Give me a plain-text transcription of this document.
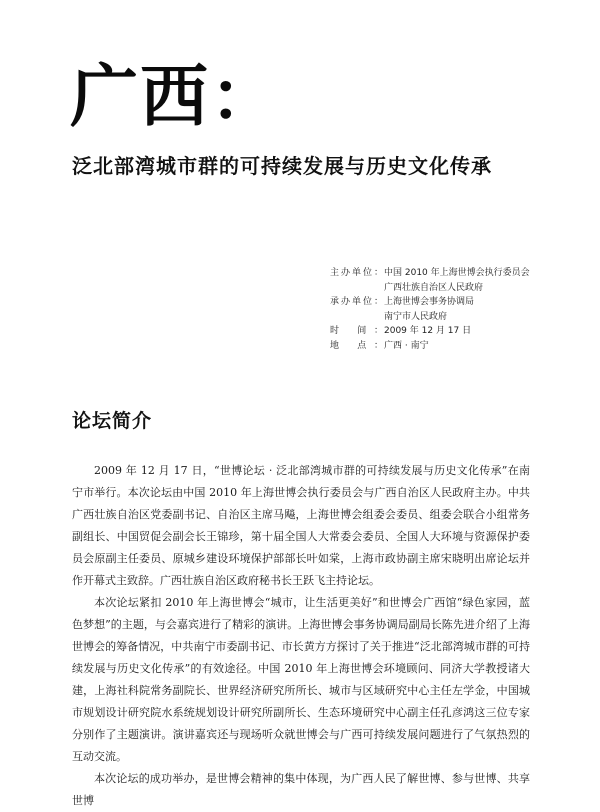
广西：
泛北部湾城市群的可持续发展与历史文化传承
主办单位： 中国 2010 年上海世博会执行委员会
广西壮族自治区人民政府
承办单位： 上海世博会事务协调局
南宁市人民政府
时 间： 2009 年 12 月 17 日
地 点： 广西 · 南宁
论坛简介

2009 年 12 月 17 日，“世博论坛 · 泛北部湾城市群的可持续发展与历史文化传承”在南宁市举行。本次论坛由中国 2010 年上海世博会执行委员会与广西自治区人民政府主办。中共广西壮族自治区党委副书记、自治区主席马飚，上海世博会组委会委员、组委会联合小组常务副组长、中国贸促会副会长王锦珍，第十届全国人大常委会委员、全国人大环境与资源保护委员会原副主任委员、原城乡建设环境保护部部长叶如棠，上海市政协副主席宋晓明出席论坛并作开幕式主致辞。广西壮族自治区政府秘书长王跃飞主持论坛。

本次论坛紧扣 2010 年上海世博会“城市，让生活更美好”和世博会广西馆“绿色家园，蓝色梦想”的主题，与会嘉宾进行了精彩的演讲。上海世博会事务协调局副局长陈先进介绍了上海世博会的筹备情况，中共南宁市委副书记、市长黄方方探讨了关于推进“泛北部湾城市群的可持续发展与历史文化传承”的有效途径。中国 2010 年上海世博会环境顾问、同济大学教授诸大建，上海社科院常务副院长、世界经济研究所所长、城市与区域研究中心主任左学金，中国城市规划设计研究院水系统规划设计研究所副所长、生态环境研究中心副主任孔彦鸿这三位专家分别作了主题演讲。演讲嘉宾还与现场听众就世博会与广西可持续发展问题进行了气氛热烈的互动交流。

本次论坛的成功举办，是世博会精神的集中体现，为广西人民了解世博、参与世博、共享世博
